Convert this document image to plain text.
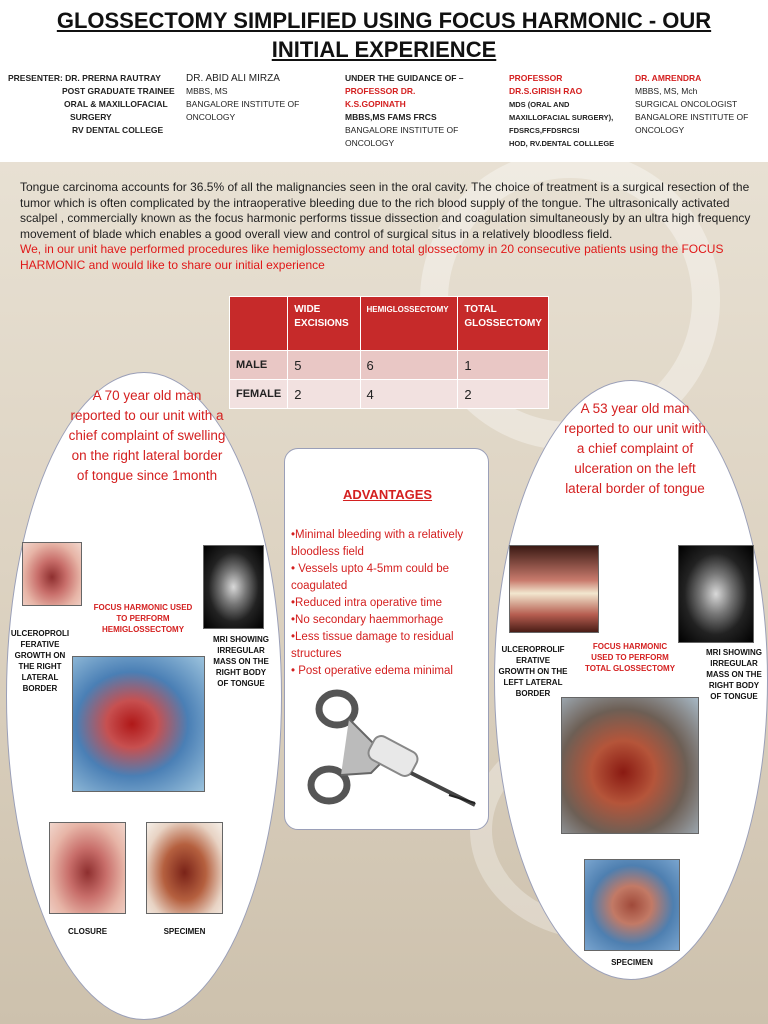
GLOSSECTOMY SIMPLIFIED USING FOCUS HARMONIC - OUR INITIAL EXPERIENCE
PRESENTER: DR. PRERNA RAUTRAY
POST GRADUATE TRAINEE
ORAL & MAXILLOFACIAL
SURGERY
RV DENTAL COLLEGE
DR. ABID ALI MIRZA
MBBS, MS
BANGALORE INSTITUTE OF
ONCOLOGY
UNDER THE GUIDANCE OF –
PROFESSOR DR.
K.S.GOPINATH
MBBS,MS FAMS FRCS
BANGALORE INSTITUTE OF
ONCOLOGY
PROFESSOR
DR.S.GIRISH RAO
MDS (ORAL AND
MAXILLOFACIAL SURGERY),
FDSRCS,FFDSRCSI
HOD, RV.DENTAL COLLLEGE
DR. AMRENDRA
MBBS, MS, Mch
SURGICAL ONCOLOGIST
BANGALORE INSTITUTE OF
ONCOLOGY

Tongue carcinoma accounts for 36.5% of all the malignancies seen in the oral cavity. The choice of treatment is a surgical resection of the tumor which is often complicated by the intraoperative bleeding due to the rich blood supply of the tongue. The ultrasonically activated scalpel , commercially known as the focus harmonic performs tissue dissection and coagulation simultaneously by an ultra high frequency movement of blade which enables a good overall view and control of surgical situs in a relatively bloodless field.

We, in our unit have performed procedures like hemiglossectomy and total glossectomy in 20 consecutive patients using the FOCUS HARMONIC and would like to share our initial experience

	WIDE EXCISIONS	HEMIGLOSSECTOMY	TOTAL GLOSSECTOMY
MALE	5	6	1
FEMALE	2	4	2
A 70 year old man reported to our unit with a chief complaint of swelling on the right lateral border of tongue since 1month
ULCEROPROLI FERATIVE GROWTH ON THE RIGHT LATERAL BORDER
FOCUS HARMONIC USED TO PERFORM HEMIGLOSSECTOMY
MRI SHOWING IRREGULAR MASS ON THE RIGHT BODY OF TONGUE
CLOSURE	SPECIMEN
ADVANTAGES
•Minimal bleeding with a relatively bloodless field
• Vessels upto 4-5mm could be coagulated
•Reduced intra operative time
•No secondary haemmorhage
•Less tissue damage to residual structures
• Post operative edema minimal
A 53 year old man reported to our unit with a chief complaint of ulceration on the left lateral border of tongue
ULCEROPROLIF ERATIVE GROWTH ON THE LEFT LATERAL BORDER
FOCUS HARMONIC USED TO PERFORM TOTAL GLOSSECTOMY
MRI SHOWING IRREGULAR MASS ON THE RIGHT BODY OF TONGUE
SPECIMEN
